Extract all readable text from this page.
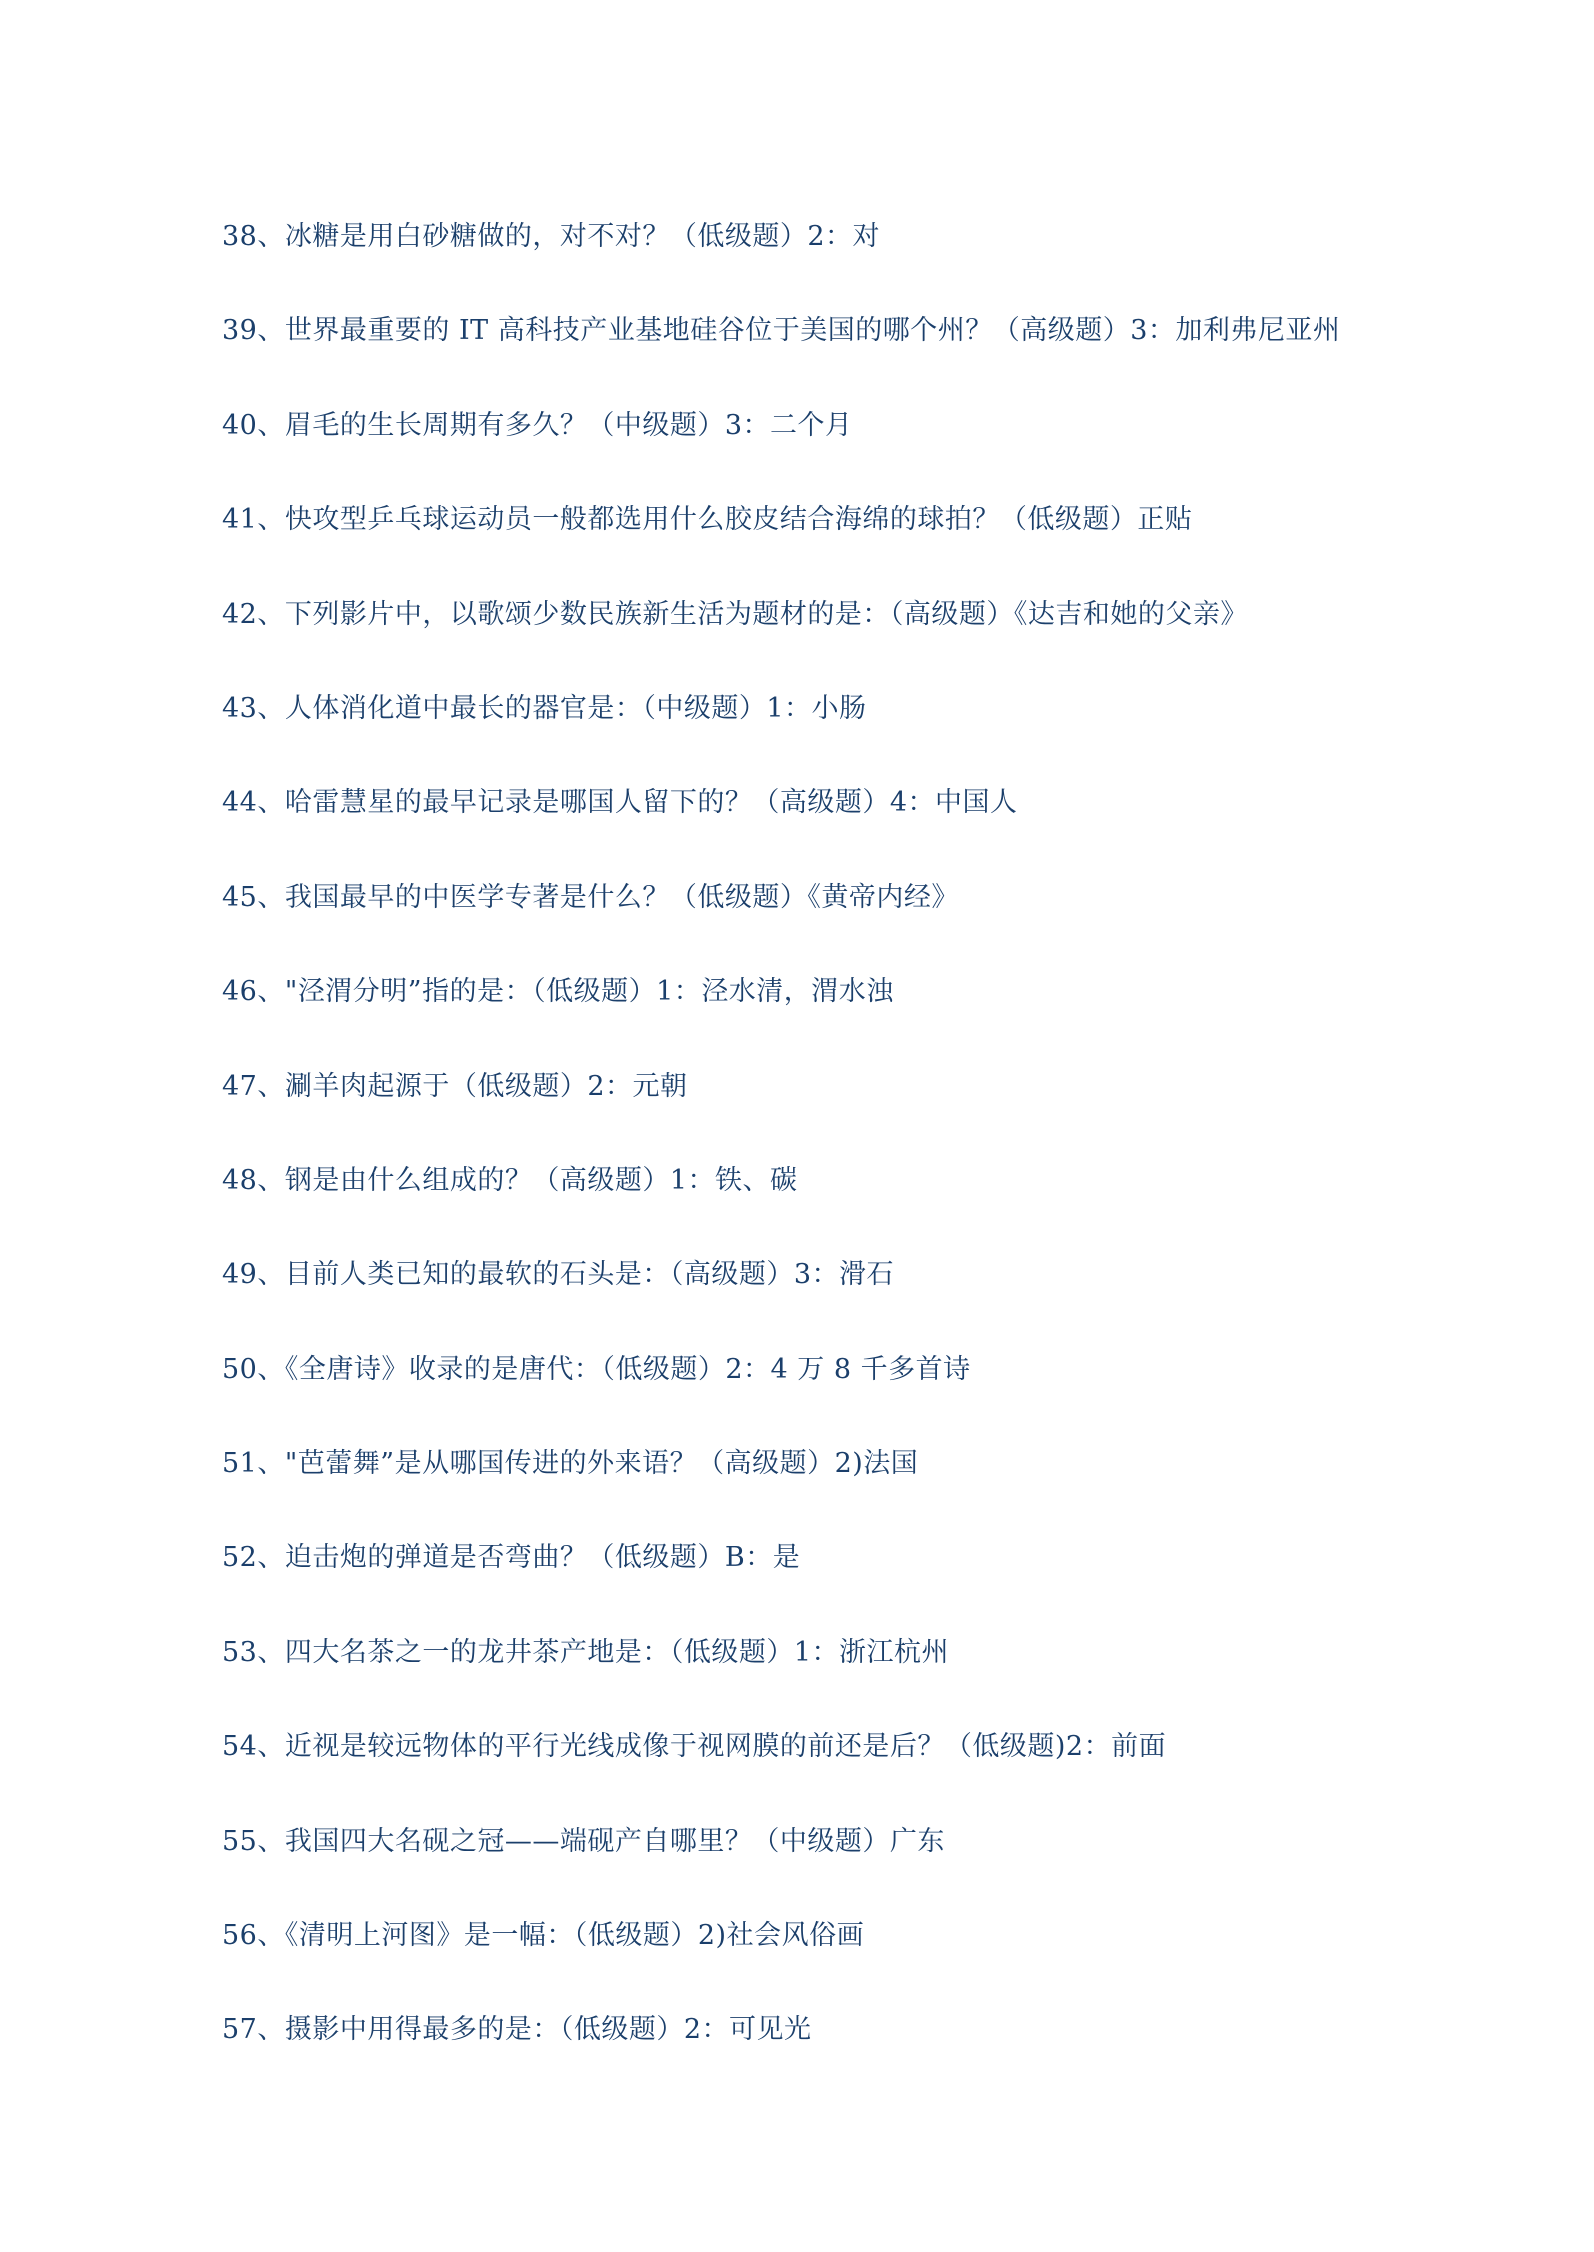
38、冰糖是用白砂糖做的，对不对？（低级题）2：对
39、世界最重要的 IT 高科技产业基地硅谷位于美国的哪个州？（高级题）3：加利弗尼亚州
40、眉毛的生长周期有多久？（中级题）3：二个月
41、快攻型乒乓球运动员一般都选用什么胶皮结合海绵的球拍？（低级题）正贴
42、下列影片中，以歌颂少数民族新生活为题材的是：（高级题）《达吉和她的父亲》
43、人体消化道中最长的器官是：（中级题）1：小肠
44、哈雷慧星的最早记录是哪国人留下的？（高级题）4：中国人
45、我国最早的中医学专著是什么？（低级题）《黄帝内经》
46、"泾渭分明”指的是：（低级题）1：泾水清，渭水浊
47、涮羊肉起源于（低级题）2：元朝
48、钢是由什么组成的？（高级题）1：铁、碳
49、目前人类已知的最软的石头是：（高级题）3：滑石
50、《全唐诗》收录的是唐代：（低级题）2：4 万 8 千多首诗
51、"芭蕾舞”是从哪国传进的外来语？（高级题）2)法国
52、迫击炮的弹道是否弯曲？（低级题）B：是
53、四大名茶之一的龙井茶产地是：（低级题）1：浙江杭州
54、近视是较远物体的平行光线成像于视网膜的前还是后？（低级题)2：前面
55、我国四大名砚之冠——端砚产自哪里？（中级题）广东
56、《清明上河图》是一幅：（低级题）2)社会风俗画
57、摄影中用得最多的是：（低级题）2：可见光
